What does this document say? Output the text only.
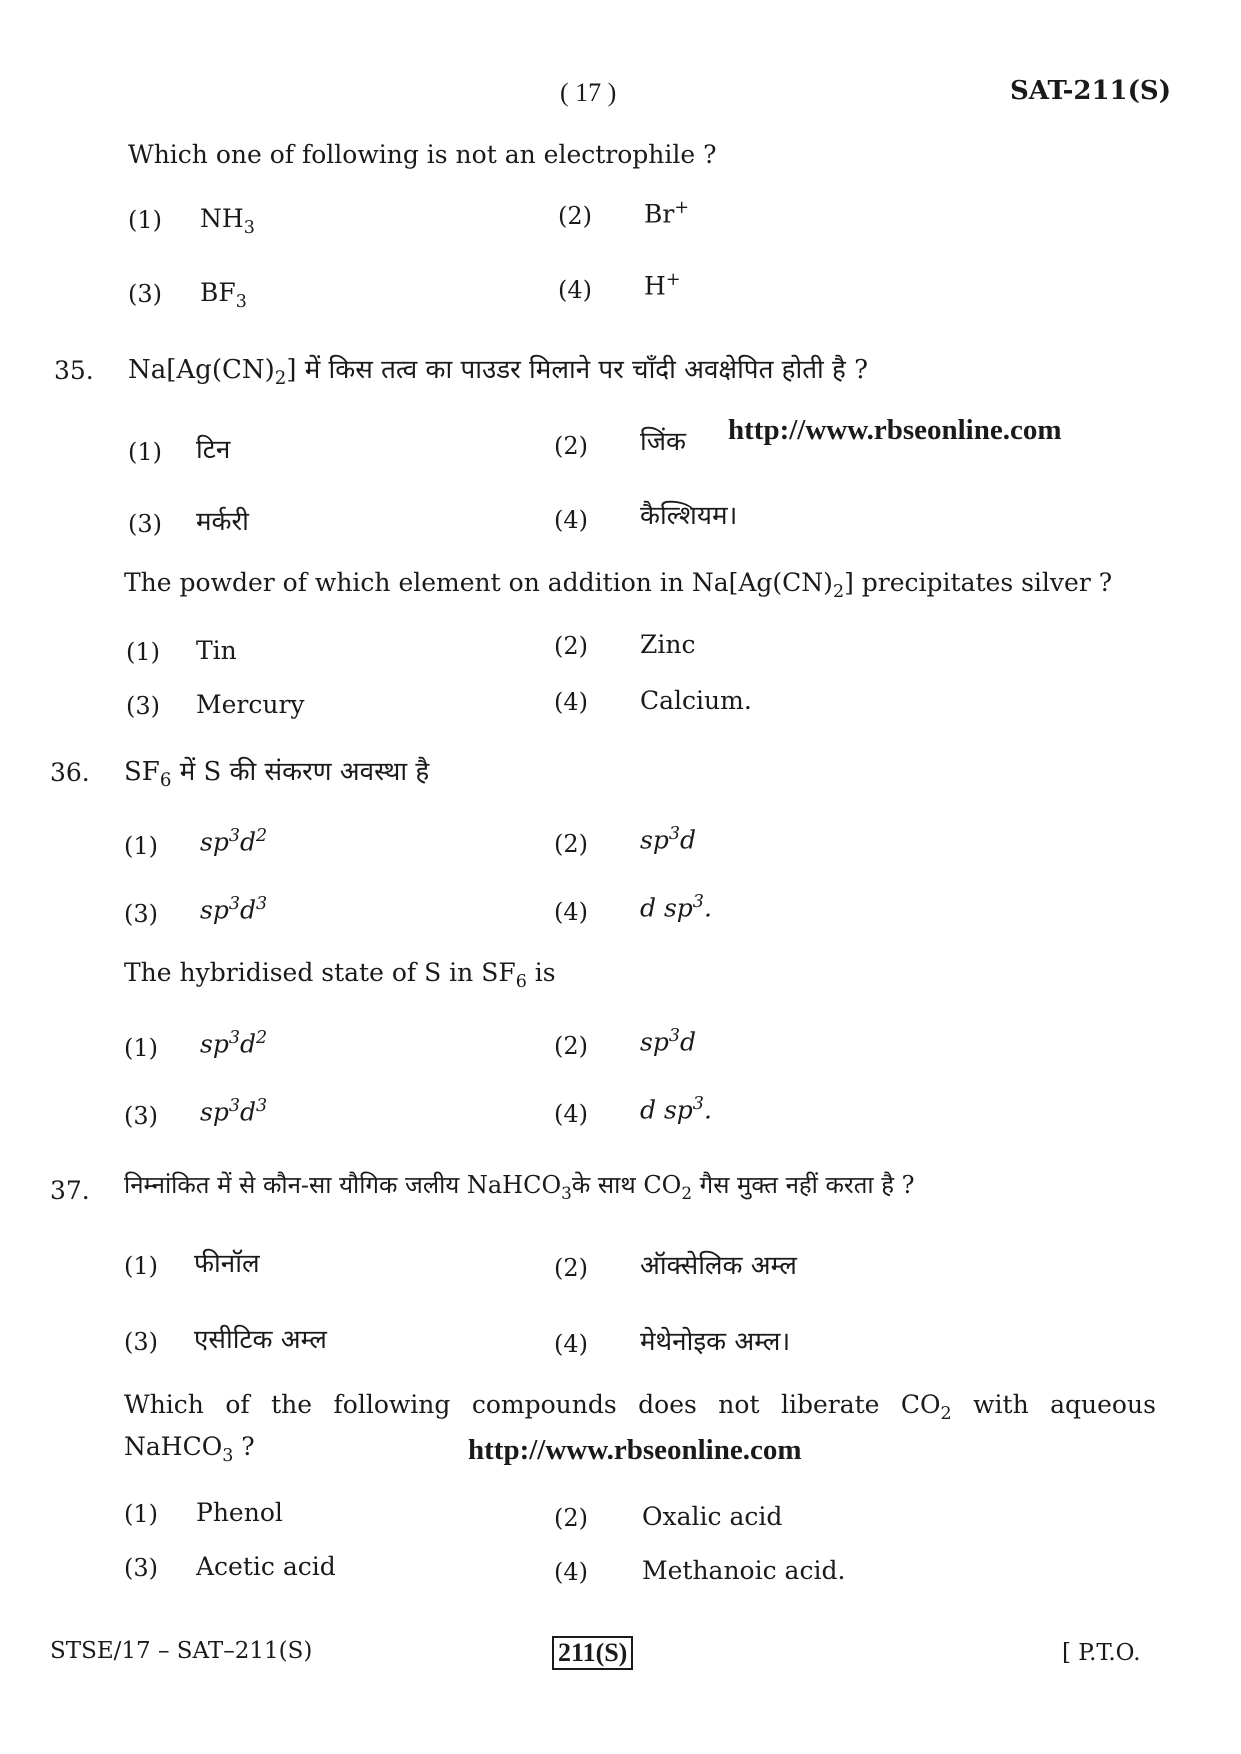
( 17 )	SAT-211(S)
Which one of following is not an electrophile ?
(1) $NH_3$	(2) Br+
(3) $BF_3$	(4) H+
35. $Na[Ag(CN)_2]$ में किस तत्व का पाउडर मिलाने पर चाँदी अवक्षेपित होती है ?
(1) टिन	(2) जिंक http://www.rbseonline.com
(3) मर्करी	(4) कैल्शियम।
The powder of which element on addition in $Na[Ag(CN)_2]$ precipitates silver ?
(1) Tin	(2) Zinc
(3) Mercury	(4) Calcium.
36. $SF_6$ में S की संकरण अवस्था है
(1) $sp^3d^2$	(2) $sp^3d$
(3) $sp^3d^3$	(4) d $sp^3$.
The hybridised state of S in $SF_6$ is
(1) $sp^3d^2$	(2) $sp^3d$
(3) $sp^3d^3$	(4) d $sp^3$.
37. निम्नांकित में से कौन-सा यौगिक जलीय NaHCO$_3$के साथ $CO_2$ गैस मुक्त नहीं करता है ?
(1) फीनॉल	(2) ऑक्सेलिक अम्ल
(3) एसीटिक अम्ल	(4) मेथेनोइक अम्ल।
Which of the following compounds does not liberate $CO_2$ with aqueous
NaHCO$_3$ ?	http://www.rbseonline.com
(1) Phenol	(2) Oxalic acid
(3) Acetic acid	(4) Methanoic acid.
STSE/17 – SAT–211(S)	211(S)	[ P.T.O.
